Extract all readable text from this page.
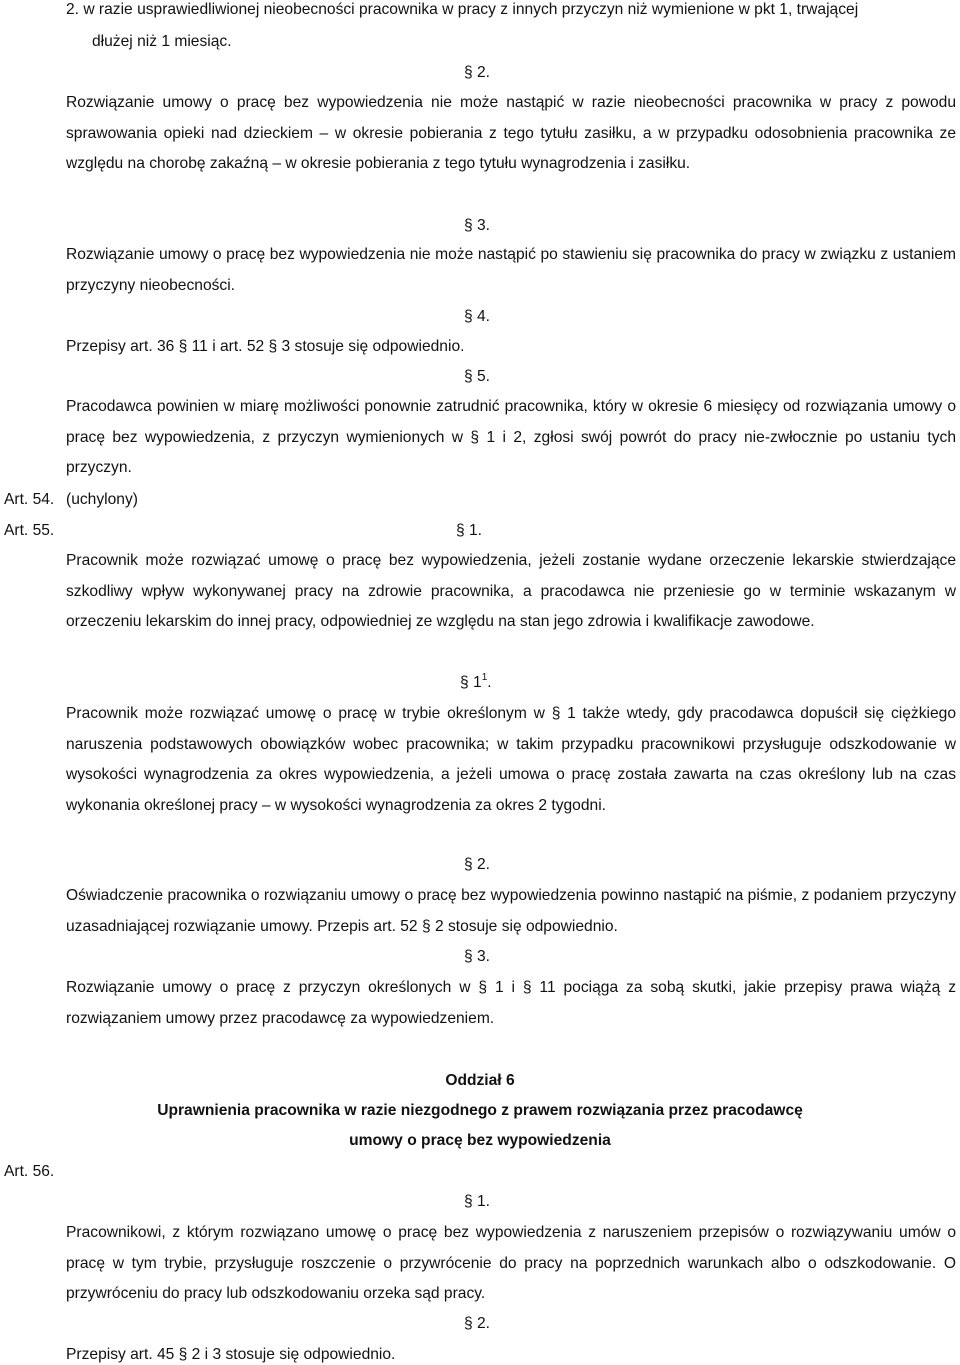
2. w razie usprawiedliwionej nieobecności pracownika w pracy z innych przyczyn niż wymienione w pkt 1, trwającej
dłużej niż 1 miesiąc.
§ 2.
Rozwiązanie umowy o pracę bez wypowiedzenia nie może nastąpić w razie nieobecności pracownika w pracy z powodu sprawowania opieki nad dzieckiem – w okresie pobierania z tego tytułu zasiłku, a w przypadku odosobnienia pracownika ze względu na chorobę zakaźną – w okresie pobierania z tego tytułu wynagrodzenia i zasiłku.
§ 3.
Rozwiązanie umowy o pracę bez wypowiedzenia nie może nastąpić po stawieniu się pracownika do pracy w związku z ustaniem przyczyny nieobecności.
§ 4.
Przepisy art. 36 § 11 i art. 52 § 3 stosuje się odpowiednio.
§ 5.
Pracodawca powinien w miarę możliwości ponownie zatrudnić pracownika, który w okresie 6 miesięcy od rozwiązania umowy o pracę bez wypowiedzenia, z przyczyn wymienionych w § 1 i 2, zgłosi swój powrót do pracy nie-zwłocznie po ustaniu tych przyczyn.
Art. 54. (uchylony)
Art. 55.	§ 1.
Pracownik może rozwiązać umowę o pracę bez wypowiedzenia, jeżeli zostanie wydane orzeczenie lekarskie stwierdzające szkodliwy wpływ wykonywanej pracy na zdrowie pracownika, a pracodawca nie przeniesie go w terminie wskazanym w orzeczeniu lekarskim do innej pracy, odpowiedniej ze względu na stan jego zdrowia i kwalifikacje zawodowe.
§ $1^1$.
Pracownik może rozwiązać umowę o pracę w trybie określonym w § 1 także wtedy, gdy pracodawca dopuścił się ciężkiego naruszenia podstawowych obowiązków wobec pracownika; w takim przypadku pracownikowi przysługuje odszkodowanie w wysokości wynagrodzenia za okres wypowiedzenia, a jeżeli umowa o pracę została zawarta na czas określony lub na czas wykonania określonej pracy – w wysokości wynagrodzenia za okres 2 tygodni.
§ 2.
Oświadczenie pracownika o rozwiązaniu umowy o pracę bez wypowiedzenia powinno nastąpić na piśmie, z podaniem przyczyny uzasadniającej rozwiązanie umowy. Przepis art. 52 § 2 stosuje się odpowiednio.
§ 3.
Rozwiązanie umowy o pracę z przyczyn określonych w § 1 i § 11 pociąga za sobą skutki, jakie przepisy prawa wiążą z rozwiązaniem umowy przez pracodawcę za wypowiedzeniem.
Oddział 6
Uprawnienia pracownika w razie niezgodnego z prawem rozwiązania przez pracodawcę
umowy o pracę bez wypowiedzenia
Art. 56.
§ 1.
Pracownikowi, z którym rozwiązano umowę o pracę bez wypowiedzenia z naruszeniem przepisów o rozwiązywaniu umów o pracę w tym trybie, przysługuje roszczenie o przywrócenie do pracy na poprzednich warunkach albo o odszkodowanie. O przywróceniu do pracy lub odszkodowaniu orzeka sąd pracy.
§ 2.
Przepisy art. 45 § 2 i 3 stosuje się odpowiednio.
